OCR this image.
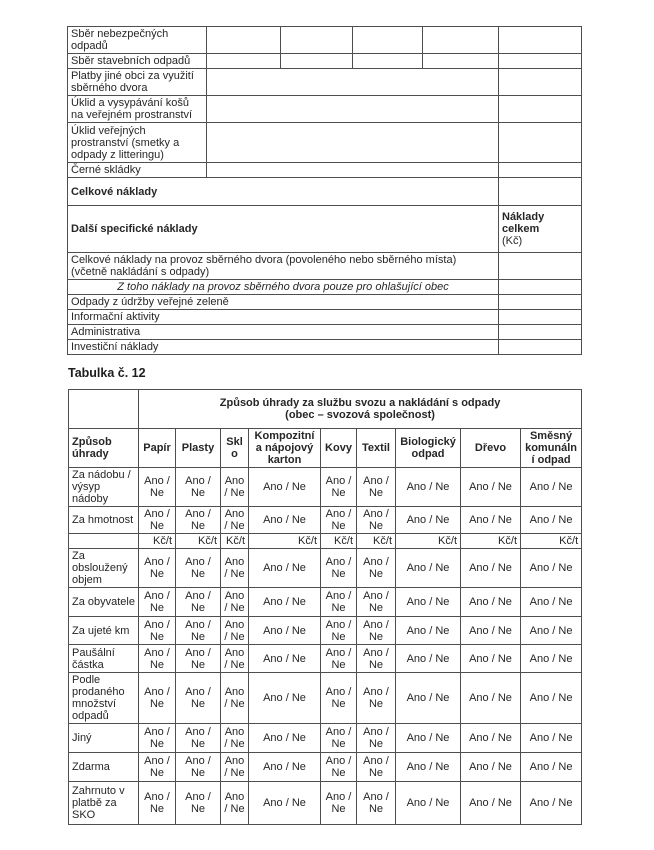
Sběr nebezpečných odpadů					
Sběr stavebních odpadů					
Platby jiné obci za využití sběrného dvora					
Úklid a vysypávání košů na veřejném prostranství					
Úklid veřejných prostranství (smetky a odpady z litteringu)					
Černé skládky					
Celkové náklady					
Další specifické náklady					Náklady celkem
(Kč)

Celkové náklady na provoz sběrného dvora (povoleného nebo sběrného místa) (včetně nakládání s odpady)					
Z toho náklady na provoz sběrného dvora pouze pro ohlašující obec					
Odpady z údržby veřejné zeleně					
Informační aktivity					
Administrativa					
Investiční náklady					
Tabulka č. 12

	Způsob úhrady za službu svozu a nakládání s odpady
(obec – svozová společnost)								

Způsob úhrady	Papír	Plasty	Sklo	Kompozitní a nápojový karton	Kovy	Textil	Biologický odpad	Dřevo	Směsný komunální odpad
Za nádobu / výsyp nádoby	Ano / Ne	Ano / Ne	Ano / Ne	Ano / Ne	Ano / Ne	Ano / Ne	Ano / Ne	Ano / Ne	Ano / Ne
Za hmotnost	Ano / Ne	Ano / Ne	Ano / Ne	Ano / Ne	Ano / Ne	Ano / Ne	Ano / Ne	Ano / Ne	Ano / Ne
	Kč/t	Kč/t	Kč/t	Kč/t	Kč/t	Kč/t	Kč/t	Kč/t	Kč/t
Za obsloužený objem	Ano / Ne	Ano / Ne	Ano / Ne	Ano / Ne	Ano / Ne	Ano / Ne	Ano / Ne	Ano / Ne	Ano / Ne
Za obyvatele	Ano / Ne	Ano / Ne	Ano / Ne	Ano / Ne	Ano / Ne	Ano / Ne	Ano / Ne	Ano / Ne	Ano / Ne
Za ujeté km	Ano / Ne	Ano / Ne	Ano / Ne	Ano / Ne	Ano / Ne	Ano / Ne	Ano / Ne	Ano / Ne	Ano / Ne
Paušální částka	Ano / Ne	Ano / Ne	Ano / Ne	Ano / Ne	Ano / Ne	Ano / Ne	Ano / Ne	Ano / Ne	Ano / Ne
Podle prodaného množství odpadů	Ano / Ne	Ano / Ne	Ano / Ne	Ano / Ne	Ano / Ne	Ano / Ne	Ano / Ne	Ano / Ne	Ano / Ne
Jiný	Ano / Ne	Ano / Ne	Ano / Ne	Ano / Ne	Ano / Ne	Ano / Ne	Ano / Ne	Ano / Ne	Ano / Ne
Zdarma	Ano / Ne	Ano / Ne	Ano / Ne	Ano / Ne	Ano / Ne	Ano / Ne	Ano / Ne	Ano / Ne	Ano / Ne
Zahrnuto v platbě za SKO	Ano / Ne	Ano / Ne	Ano / Ne	Ano / Ne	Ano / Ne	Ano / Ne	Ano / Ne	Ano / Ne	Ano / Ne
